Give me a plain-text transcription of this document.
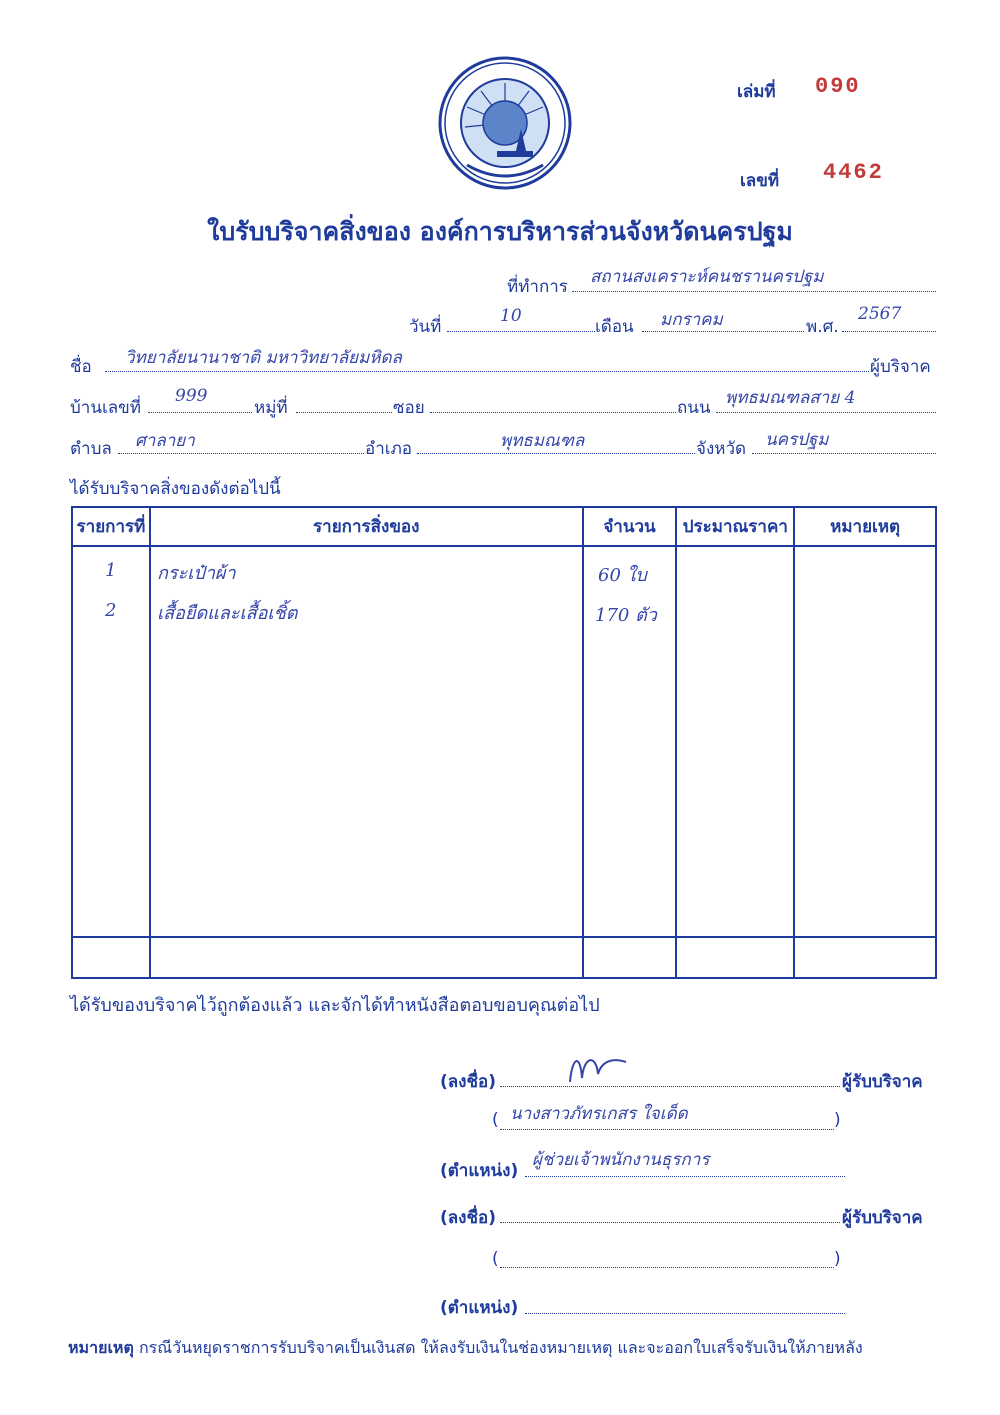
เล่มที่ 090
เลขที่ 4462
ใบรับบริจาคสิ่งของ องค์การบริหารส่วนจังหวัดนครปฐม
ที่ทำการ สถานสงเคราะห์คนชรานครปฐม
วันที่
10
เดือน มกราคม	พ.ศ.
2567
ชื่อ วิทยาลัยนานาชาติ มหาวิทยาลัยมหิดล	ผู้บริจาค
บ้านเลขที่
999
หมู่ที่	ซอย	ถนน พุทธมณฑลสาย 4
ตำบล ศาลายา	อำเภอ	พุทธมณฑล	จังหวัด นครปฐม
ได้รับบริจาคสิ่งของดังต่อไปนี้
รายการที่	รายการสิ่งของ	จำนวน	ประมาณราคา	หมายเหตุ

1 กระเป๋าผ้า	60 ใบ
2 เสื้อยืดและเสื้อเชิ้ต	170 ตัว
ได้รับของบริจาคไว้ถูกต้องแล้ว และจักได้ทำหนังสือตอบขอบคุณต่อไป
(ลงชื่อ)	ผู้รับบริจาค
( นางสาวภัทรเกสร ใจเด็ด	)
(ตำแหน่ง)
ผู้ช่วยเจ้าพนักงานธุรการ
(ลงชื่อ)	ผู้รับบริจาค
(	)
(ตำแหน่ง)
หมายเหตุ กรณีวันหยุดราชการรับบริจาคเป็นเงินสด ให้ลงรับเงินในช่องหมายเหตุ และจะออกใบเสร็จรับเงินให้ภายหลัง
